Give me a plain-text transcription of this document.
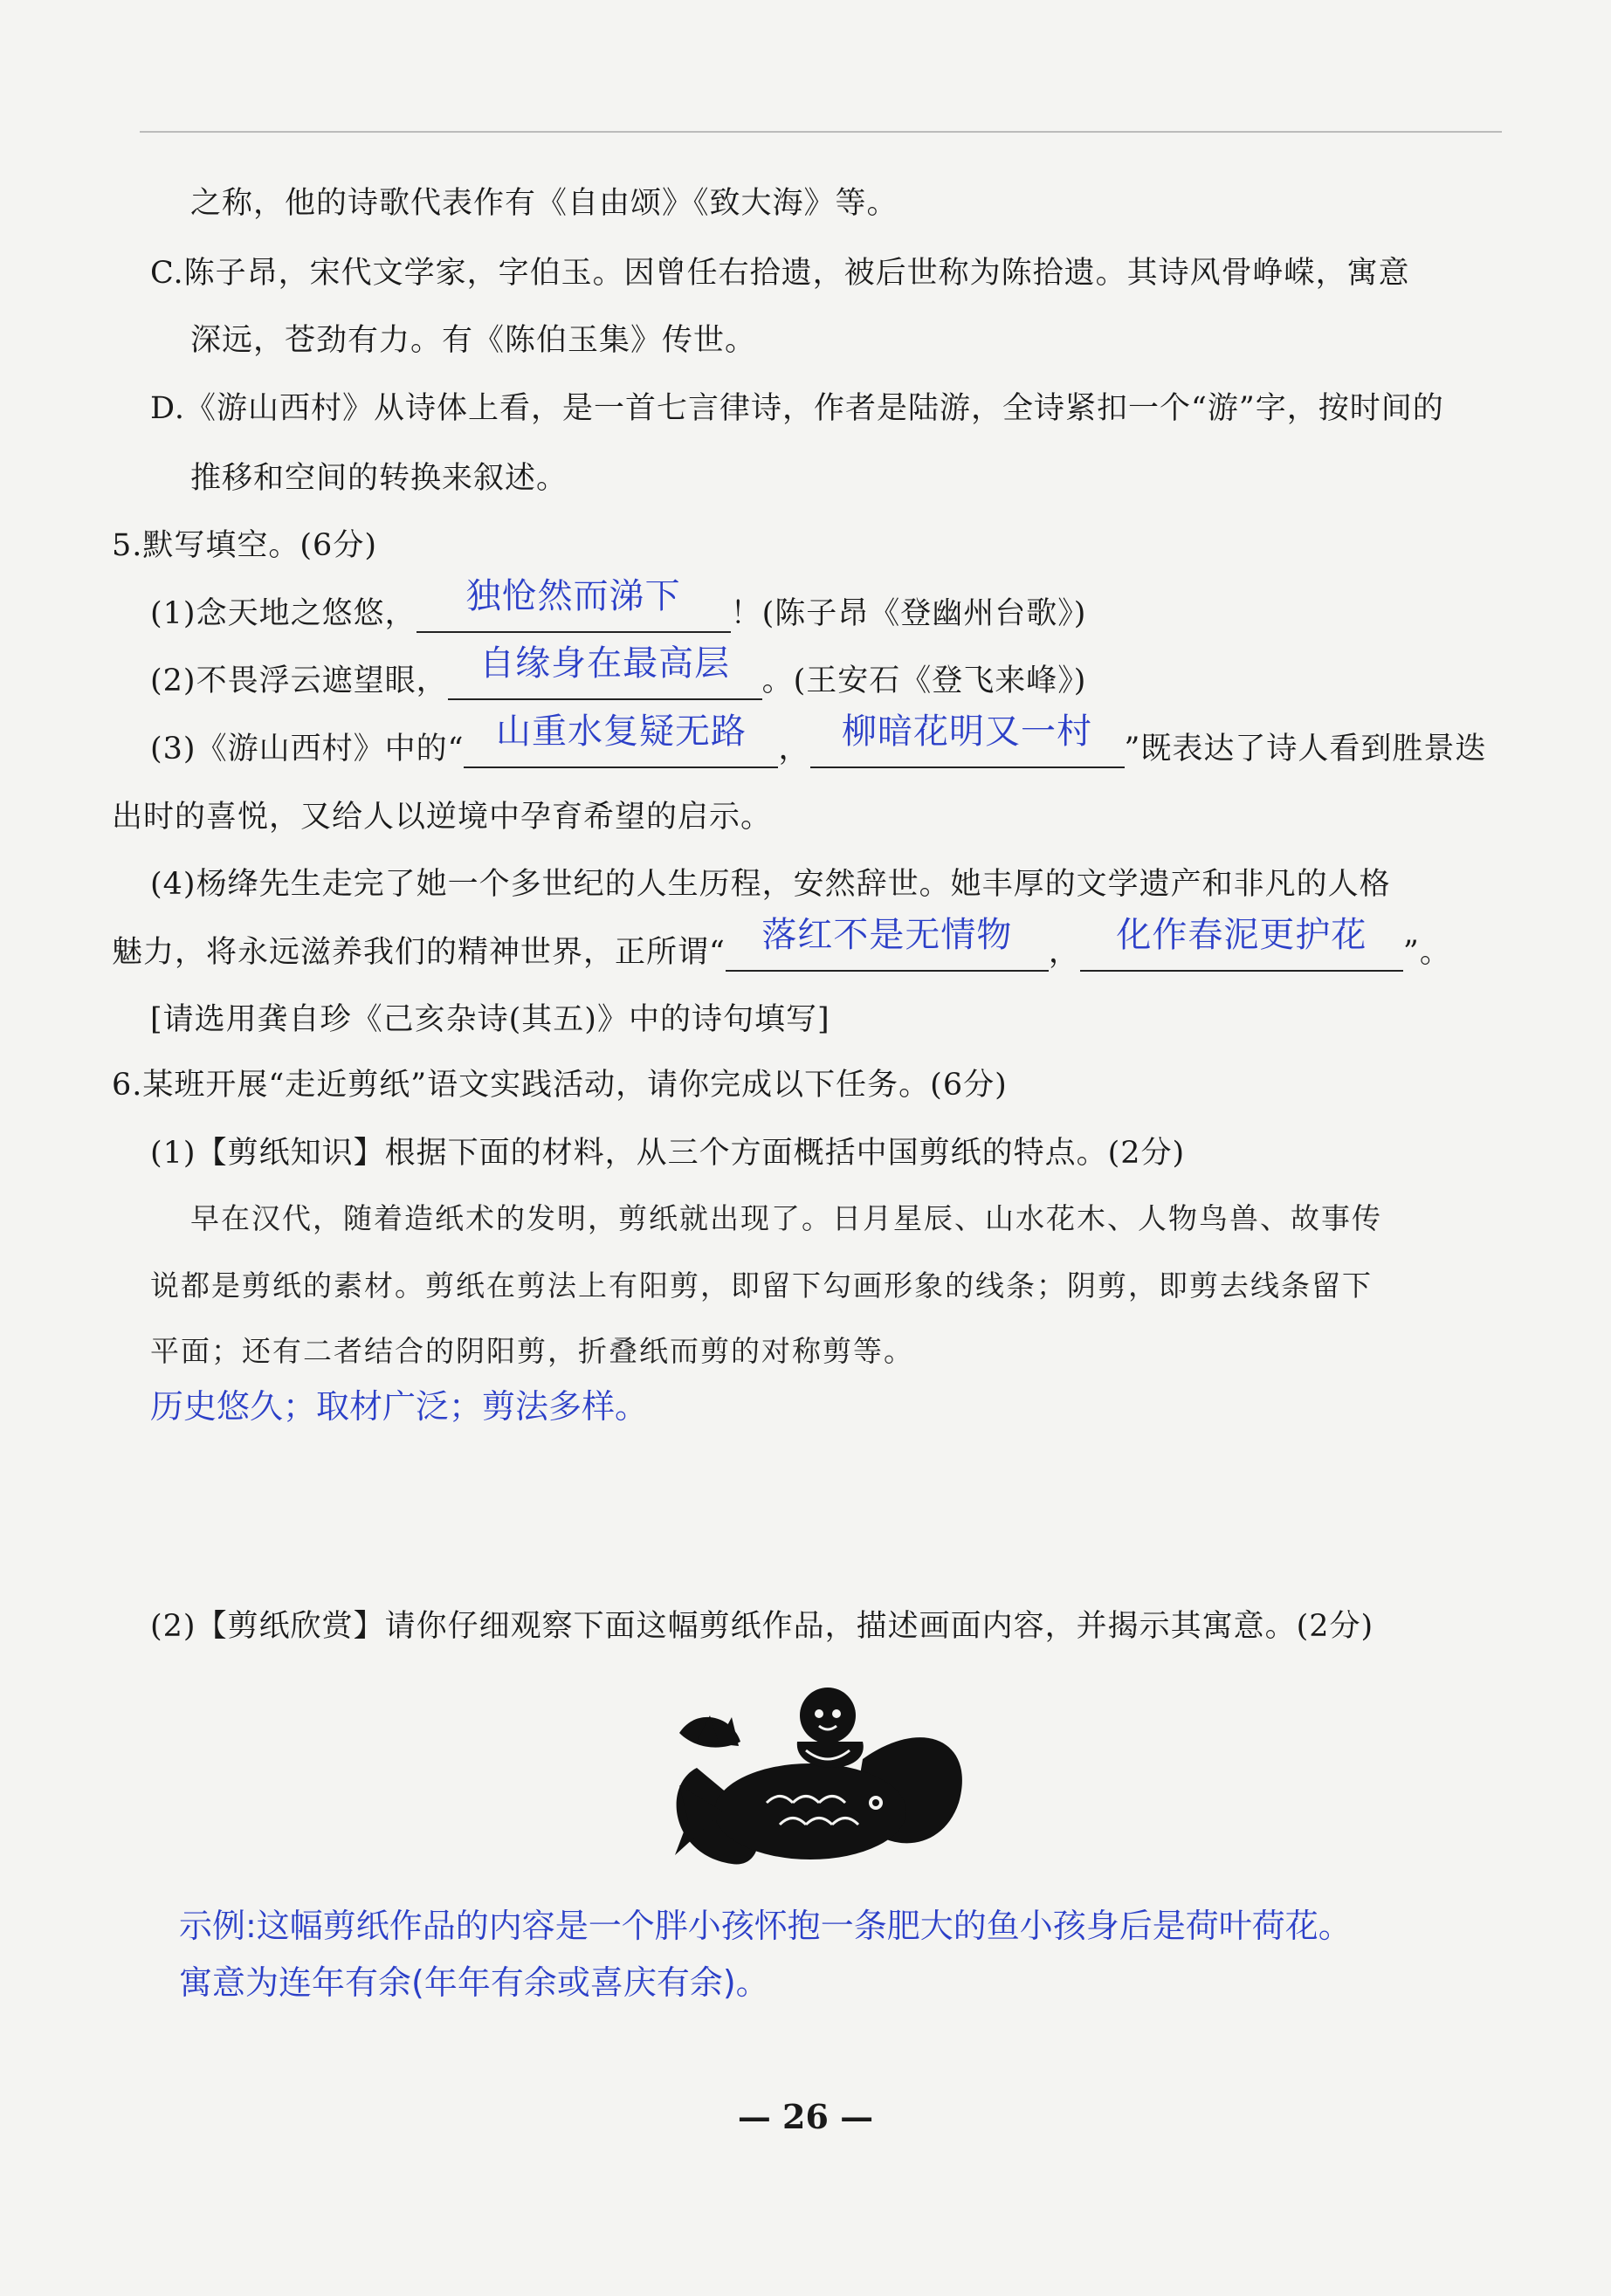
之称，他的诗歌代表作有《自由颂》《致大海》等。
C.陈子昂，宋代文学家，字伯玉。因曾任右拾遗，被后世称为陈拾遗。其诗风骨峥嵘，寓意
深远，苍劲有力。有《陈伯玉集》传世。
D.《游山西村》从诗体上看，是一首七言律诗，作者是陆游，全诗紧扣一个“游”字，按时间的
推移和空间的转换来叙述。
5.默写填空。(6分)
(1)念天地之悠悠，	独怆然而涕下	！(陈子昂《登幽州台歌》)
(2)不畏浮云遮望眼， 自缘身在最高层	。(王安石《登飞来峰》)
(3)《游山西村》中的“ 山重水复疑无路	， 柳暗花明又一村	”既表达了诗人看到胜景迭
出时的喜悦，又给人以逆境中孕育希望的启示。
(4)杨绛先生走完了她一个多世纪的人生历程，安然辞世。她丰厚的文学遗产和非凡的人格
魅力，将永远滋养我们的精神世界，正所谓“	落红不是无情物	，	化作春泥更护花	”。
[请选用龚自珍《己亥杂诗(其五)》中的诗句填写]
6.某班开展“走近剪纸”语文实践活动，请你完成以下任务。(6分)
(1)【剪纸知识】根据下面的材料，从三个方面概括中国剪纸的特点。(2分)
早在汉代，随着造纸术的发明，剪纸就出现了。日月星辰、山水花木、人物鸟兽、故事传
说都是剪纸的素材。剪纸在剪法上有阳剪，即留下勾画形象的线条；阴剪，即剪去线条留下
平面；还有二者结合的阴阳剪，折叠纸而剪的对称剪等。
历史悠久；取材广泛；剪法多样。
(2)【剪纸欣赏】请你仔细观察下面这幅剪纸作品，描述画面内容，并揭示其寓意。(2分)
示例:这幅剪纸作品的内容是一个胖小孩怀抱一条肥大的鱼小孩身后是荷叶荷花。
寓意为连年有余(年年有余或喜庆有余)。
— 26 —
